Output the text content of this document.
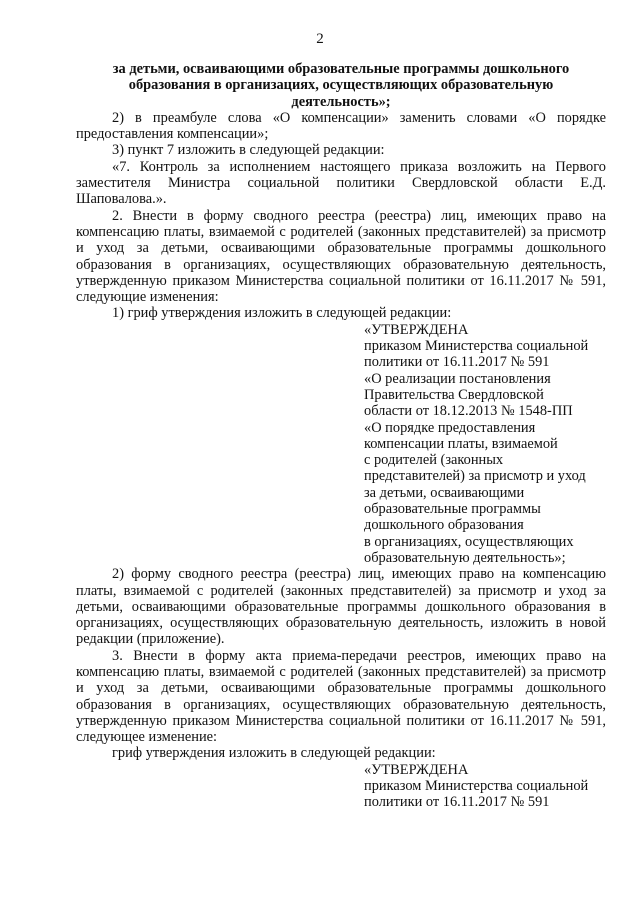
2

за детьми, осваивающими образовательные программы дошкольного

образования в организациях, осуществляющих образовательную

деятельность»;

2) в преамбуле слова «О компенсации» заменить словами «О порядке предоставления компенсации»;

3) пункт 7 изложить в следующей редакции:

«7. Контроль за исполнением настоящего приказа возложить на Первого заместителя Министра социальной политики Свердловской области Е.Д. Шаповалова.».

2. Внести в форму сводного реестра (реестра) лиц, имеющих право на компенсацию платы, взимаемой с родителей (законных представителей) за присмотр и уход за детьми, осваивающими образовательные программы дошкольного образования в организациях, осуществляющих образовательную деятельность, утвержденную приказом Министерства социальной политики от 16.11.2017 № 591, следующие изменения:

1) гриф утверждения изложить в следующей редакции:

«УТВЕРЖДЕНА

приказом Министерства социальной

политики от 16.11.2017 № 591

«О реализации постановления

Правительства Свердловской

области от 18.12.2013 № 1548-ПП

«О порядке предоставления

компенсации платы, взимаемой

с родителей (законных

представителей) за присмотр и уход

за детьми, осваивающими

образовательные программы

дошкольного образования

в организациях, осуществляющих

образовательную деятельность»;

2) форму сводного реестра (реестра) лиц, имеющих право на компенсацию платы, взимаемой с родителей (законных представителей) за присмотр и уход за детьми, осваивающими образовательные программы дошкольного образования в организациях, осуществляющих образовательную деятельность, изложить в новой редакции (приложение).

3. Внести в форму акта приема-передачи реестров, имеющих право на компенсацию платы, взимаемой с родителей (законных представителей) за присмотр и уход за детьми, осваивающими образовательные программы дошкольного образования в организациях, осуществляющих образовательную деятельность, утвержденную приказом Министерства социальной политики от 16.11.2017 № 591, следующее изменение:

гриф утверждения изложить в следующей редакции:

«УТВЕРЖДЕНА

приказом Министерства социальной

политики от 16.11.2017 № 591
